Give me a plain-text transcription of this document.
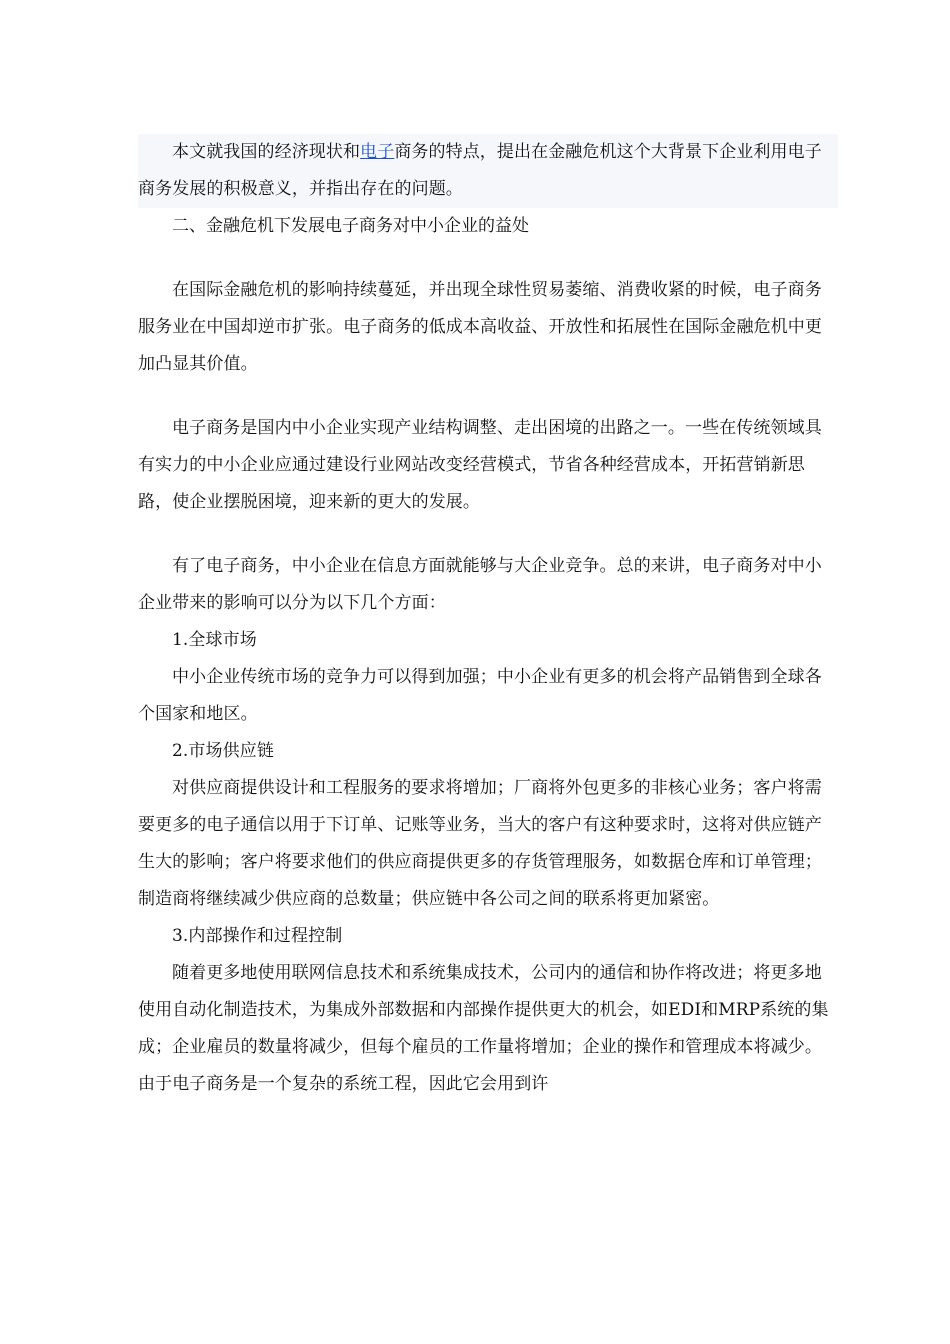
本文就我国的经济现状和电子商务的特点，提出在金融危机这个大背景下企业利用电子商务发展的积极意义，并指出存在的问题。

二、金融危机下发展电子商务对中小企业的益处

在国际金融危机的影响持续蔓延，并出现全球性贸易萎缩、消费收紧的时候，电子商务服务业在中国却逆市扩张。电子商务的低成本高收益、开放性和拓展性在国际金融危机中更加凸显其价值。

电子商务是国内中小企业实现产业结构调整、走出困境的出路之一。一些在传统领域具有实力的中小企业应通过建设行业网站改变经营模式，节省各种经营成本，开拓营销新思路，使企业摆脱困境，迎来新的更大的发展。

有了电子商务，中小企业在信息方面就能够与大企业竞争。总的来讲，电子商务对中小企业带来的影响可以分为以下几个方面：

1.全球市场

中小企业传统市场的竞争力可以得到加强；中小企业有更多的机会将产品销售到全球各个国家和地区。

2.市场供应链

对供应商提供设计和工程服务的要求将增加；厂商将外包更多的非核心业务；客户将需要更多的电子通信以用于下订单、记账等业务，当大的客户有这种要求时，这将对供应链产生大的影响；客户将要求他们的供应商提供更多的存货管理服务，如数据仓库和订单管理；制造商将继续减少供应商的总数量；供应链中各公司之间的联系将更加紧密。

3.内部操作和过程控制

随着更多地使用联网信息技术和系统集成技术，公司内的通信和协作将改进；将更多地使用自动化制造技术，为集成外部数据和内部操作提供更大的机会，如EDI和MRP系统的集成；企业雇员的数量将减少，但每个雇员的工作量将增加；企业的操作和管理成本将减少。由于电子商务是一个复杂的系统工程，因此它会用到许
